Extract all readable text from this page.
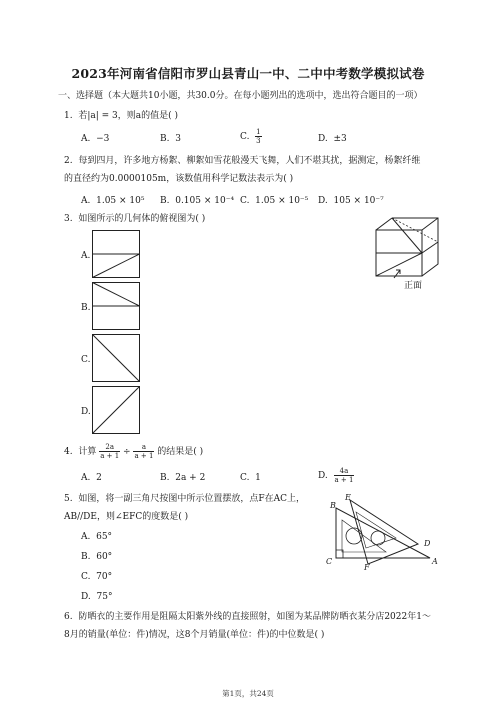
2023年河南省信阳市罗山县青山一中、二中中考数学模拟试卷
一、选择题（本大题共10小题，共30.0分。在每小题列出的选项中，选出符合题目的一项）
1. 若|a| = 3，则a的值是( )
A. −3	B. 3	C. $\frac{1}{3}$	D. ±3
2. 每到四月，许多地方杨絮、柳絮如雪花般漫天飞舞，人们不堪其扰，据测定，杨絮纤维
的直径约为0.0000105m，该数值用科学记数法表示为( )
A. 1.05 × 10⁵ B. 0.105 × 10⁻⁴ C. 1.05 × 10⁻⁵ D. 105 × 10⁻⁷
3. 如图所示的几何体的俯视图为( )
A.
B.
C.
D.
正面
4. 计算 $\frac{2a}{a + 1} \div \frac{a}{a + 1}$ 的结果是( )
A. 2	B. 2a + 2	C. 1	D. $\frac{4a}{a + 1}$
5. 如图，将一副三角尺按图中所示位置摆放，点F在AC上，
AB//DE，则∠EFC的度数是( )
A. 65°
B. 60°
C. 70°
D. 75°
B
E
C
F
D
A
6. 防晒衣的主要作用是阻隔太阳紫外线的直接照射，如图为某品牌防晒衣某分店2022年1～
8月的销量(单位：件)情况，这8个月销量(单位：件)的中位数是( )
第1页，共24页
